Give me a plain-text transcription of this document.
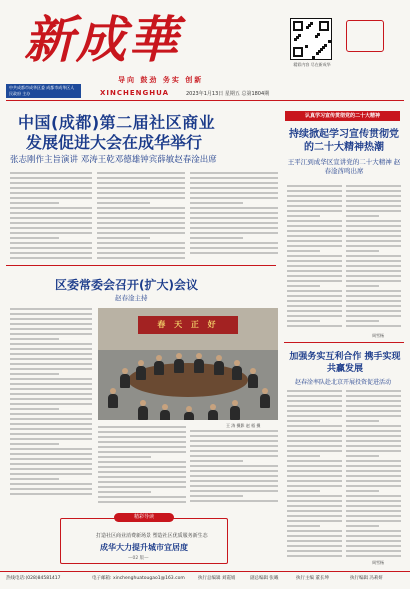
新成華
导向 鼓劲 务实 创新
精彩内容 尽在新成华
中共成都市成华区委 成都市成华区人民政府 主办	XINCHENGHUA	2023年1月13日 星期五 总第1804期
中国(成都)第二届社区商业
发展促进大会在成华举行
张志刚作主旨演讲 邓涛王乾邓德雄钟宾薛敏赵春淦出席
认真学习宣传贯彻党的二十大精神
持续掀起学习宣传贯彻党的二十大精神热潮
王平江到成华区宣讲党的二十大精神 赵春淦酋鸣出席
周雪杨
加强务实互利合作 携手实现共赢发展
赵春淦率队赴北京开展投资促进活动
周雪杨
区委常委会召开(扩大)会议
赵春淦主持
春 天 正 好
王 涛 摄影 赵 梧 摄
精彩导读
打造社区商业消费新场景 塑造社区优质服务新生态
成华大力提升城市宜居度
—02 版—
热线电话:(028)84581417	电子邮箱: xinchenghuatougao1@163.com	执行总编辑 刘霞娟	副总编辑 张曦	执行主编 董长坤	执行编辑 冯莉妍
